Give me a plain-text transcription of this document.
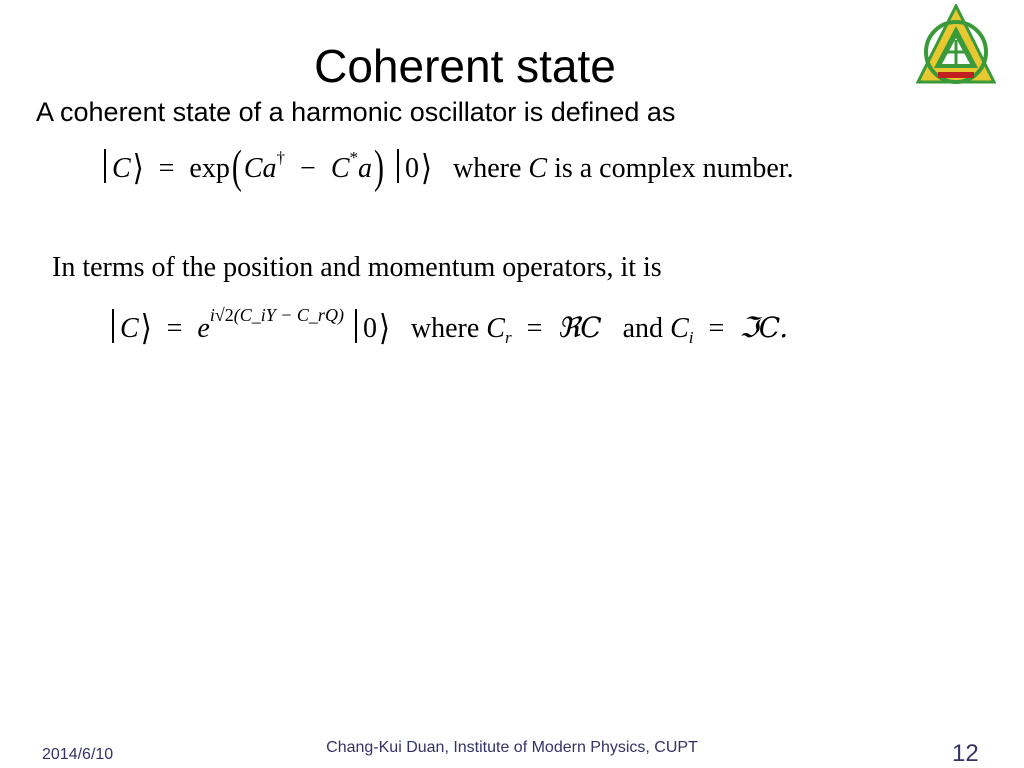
Coherent state
A coherent state of a harmonic oscillator is defined as
C⟩ = exp(Ca† − C*a) 0⟩ where C is a complex number.
In terms of the position and momentum operators, it is
C⟩ = $e^{i√2(C\_iY - C\_rQ)}$ 0⟩ where $C_r$ = ℜC and $C_i$ = ℑC.
2014/6/10	Chang-Kui Duan, Institute of Modern Physics, CUPT	12
